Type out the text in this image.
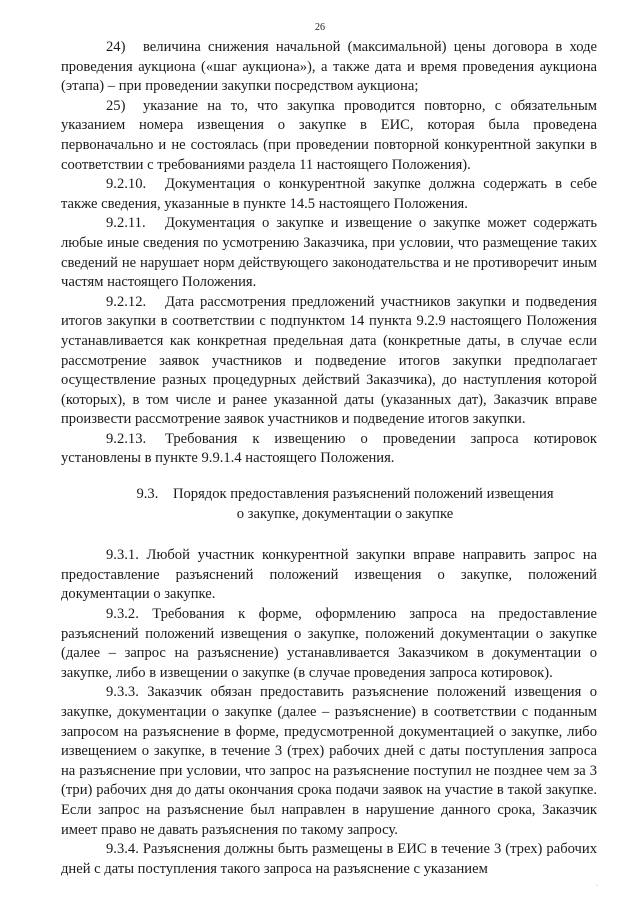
26

24) величина снижения начальной (максимальной) цены договора в ходе проведения аукциона («шаг аукциона»), а также дата и время проведения аукциона (этапа) – при проведении закупки посредством аукциона;

25) указание на то, что закупка проводится повторно, с обязательным указанием номера извещения о закупке в ЕИС, которая была проведена первоначально и не состоялась (при проведении повторной конкурентной закупки в соответствии с требованиями раздела 11 настоящего Положения).

9.2.10. Документация о конкурентной закупке должна содержать в себе также сведения, указанные в пункте 14.5 настоящего Положения.

9.2.11. Документация о закупке и извещение о закупке может содержать любые иные сведения по усмотрению Заказчика, при условии, что размещение таких сведений не нарушает норм действующего законодательства и не противоречит иным частям настоящего Положения.

9.2.12. Дата рассмотрения предложений участников закупки и подведения итогов закупки в соответствии с подпунктом 14 пункта 9.2.9 настоящего Положения устанавливается как конкретная предельная дата (конкретные даты, в случае если рассмотрение заявок участников и подведение итогов закупки предполагает осуществление разных процедурных действий Заказчика), до наступления которой (которых), в том числе и ранее указанной даты (указанных дат), Заказчик вправе произвести рассмотрение заявок участников и подведение итогов закупки.

9.2.13. Требования к извещению о проведении запроса котировок установлены в пункте 9.9.1.4 настоящего Положения.

9.3.    Порядок предоставления разъяснений положений извещения
о закупке, документации о закупке

9.3.1. Любой участник конкурентной закупки вправе направить запрос на предоставление разъяснений положений извещения о закупке, положений документации о закупке.

9.3.2. Требования к форме, оформлению запроса на предоставление разъяснений положений извещения о закупке, положений документации о закупке (далее – запрос на разъяснение) устанавливается Заказчиком в документации о закупке, либо в извещении о закупке (в случае проведения запроса котировок).

9.3.3. Заказчик обязан предоставить разъяснение положений извещения о закупке, документации о закупке (далее – разъяснение) в соответствии с поданным запросом на разъяснение в форме, предусмотренной документацией о закупке, либо извещением о закупке, в течение 3 (трех) рабочих дней с даты поступления запроса на разъяснение при условии, что запрос на разъяснение поступил не позднее чем за 3 (три) рабочих дня до даты окончания срока подачи заявок на участие в такой закупке. Если запрос на разъяснение был направлен в нарушение данного срока, Заказчик имеет право не давать разъяснения по такому запросу.

9.3.4. Разъяснения должны быть размещены в ЕИС в течение 3 (трех) рабочих дней с даты поступления такого запроса на разъяснение с указанием

·
